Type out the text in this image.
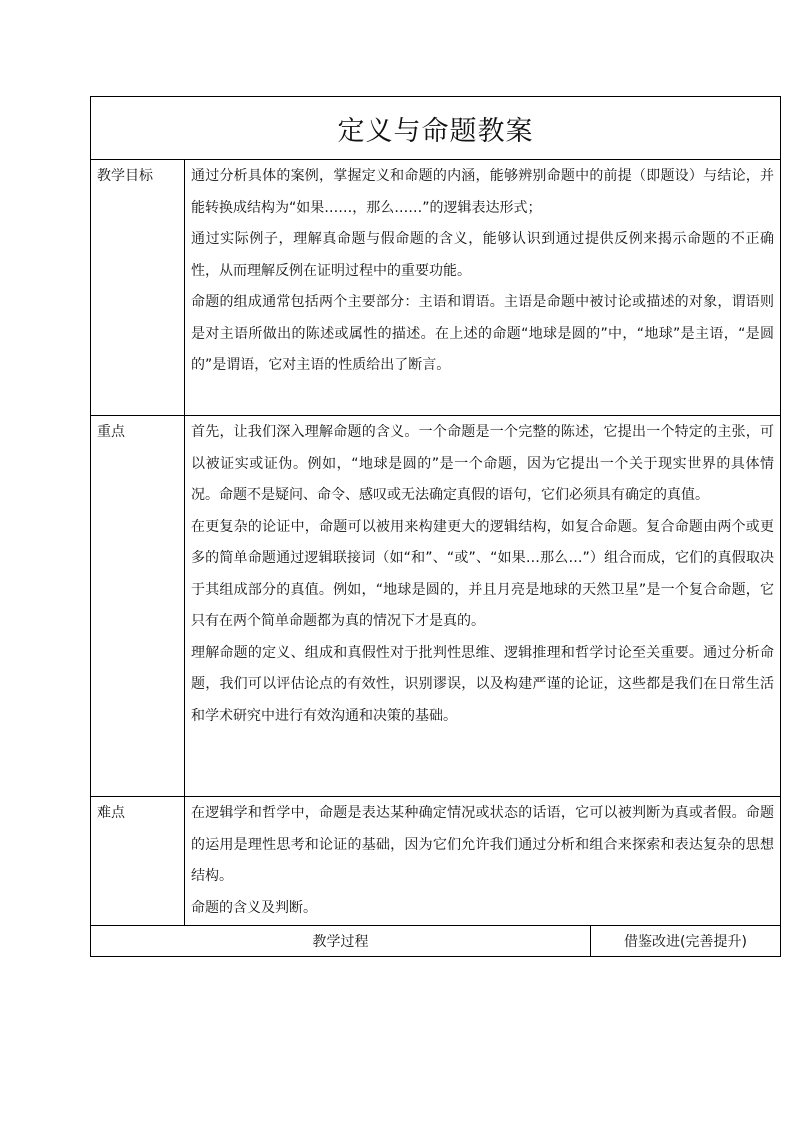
定义与命题教案		
教学目标	通过分析具体的案例，掌握定义和命题的内涵，能够辨别命题中的前提（即题设）与结论，并能转换成结构为“如果……，那么……”的逻辑表达形式；

通过实际例子，理解真命题与假命题的含义，能够认识到通过提供反例来揭示命题的不正确性，从而理解反例在证明过程中的重要功能。

命题的组成通常包括两个主要部分：主语和谓语。主语是命题中被讨论或描述的对象，谓语则是对主语所做出的陈述或属性的描述。在上述的命题“地球是圆的”中，“地球”是主语，“是圆的”是谓语，它对主语的性质给出了断言。	

重点	首先，让我们深入理解命题的含义。一个命题是一个完整的陈述，它提出一个特定的主张，可以被证实或证伪。例如，“地球是圆的”是一个命题，因为它提出一个关于现实世界的具体情况。命题不是疑问、命令、感叹或无法确定真假的语句，它们必须具有确定的真值。

在更复杂的论证中，命题可以被用来构建更大的逻辑结构，如复合命题。复合命题由两个或更多的简单命题通过逻辑联接词（如“和”、“或”、“如果…那么…”）组合而成，它们的真假取决于其组成部分的真值。例如，“地球是圆的，并且月亮是地球的天然卫星”是一个复合命题，它只有在两个简单命题都为真的情况下才是真的。

理解命题的定义、组成和真假性对于批判性思维、逻辑推理和哲学讨论至关重要。通过分析命题，我们可以评估论点的有效性，识别谬误，以及构建严谨的论证，这些都是我们在日常生活和学术研究中进行有效沟通和决策的基础。	

难点	在逻辑学和哲学中，命题是表达某种确定情况或状态的话语，它可以被判断为真或者假。命题的运用是理性思考和论证的基础，因为它们允许我们通过分析和组合来探索和表达复杂的思想结构。

命题的含义及判断。	

教学过程		借鉴改进(完善提升)
